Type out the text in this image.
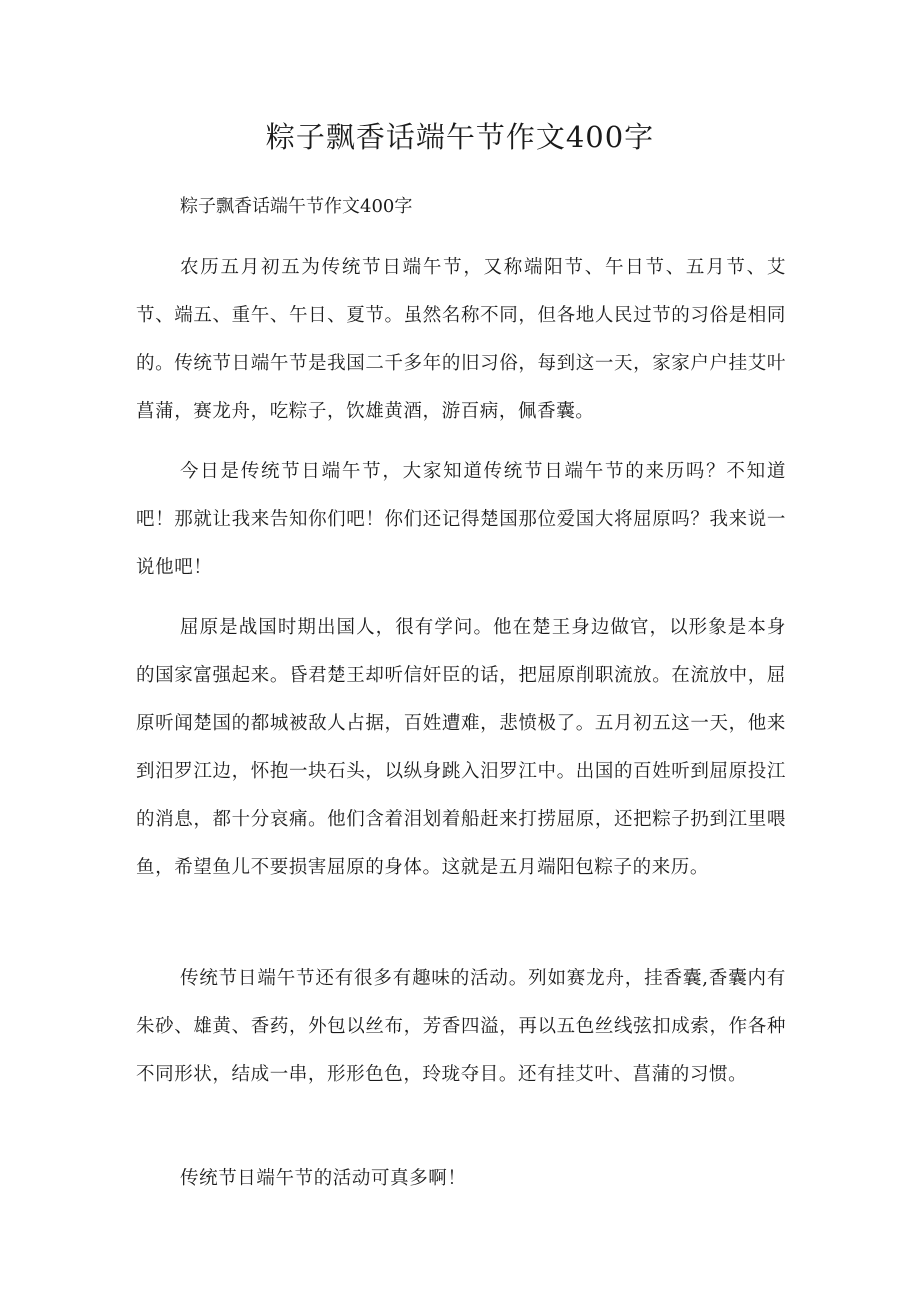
粽子飘香话端午节作文400字

粽子飘香话端午节作文400字

农历五月初五为传统节日端午节，又称端阳节、午日节、五月节、艾节、端五、重午、午日、夏节。虽然名称不同，但各地人民过节的习俗是相同的。传统节日端午节是我国二千多年的旧习俗，每到这一天，家家户户挂艾叶菖蒲，赛龙舟，吃粽子，饮雄黄酒，游百病，佩香囊。

今日是传统节日端午节，大家知道传统节日端午节的来历吗？不知道吧！那就让我来告知你们吧！你们还记得楚国那位爱国大将屈原吗？我来说一说他吧！

屈原是战国时期出国人，很有学问。他在楚王身边做官，以形象是本身的国家富强起来。昏君楚王却听信奸臣的话，把屈原削职流放。在流放中，屈原听闻楚国的都城被敌人占据，百姓遭难，悲愤极了。五月初五这一天，他来到汨罗江边，怀抱一块石头，以纵身跳入汨罗江中。出国的百姓听到屈原投江的消息，都十分哀痛。他们含着泪划着船赶来打捞屈原，还把粽子扔到江里喂鱼，希望鱼儿不要损害屈原的身体。这就是五月端阳包粽子的来历。

传统节日端午节还有很多有趣味的活动。列如赛龙舟，挂香囊,香囊内有朱砂、雄黄、香药，外包以丝布，芳香四溢，再以五色丝线弦扣成索，作各种不同形状，结成一串，形形色色，玲珑夺目。还有挂艾叶、菖蒲的习惯。

传统节日端午节的活动可真多啊！
